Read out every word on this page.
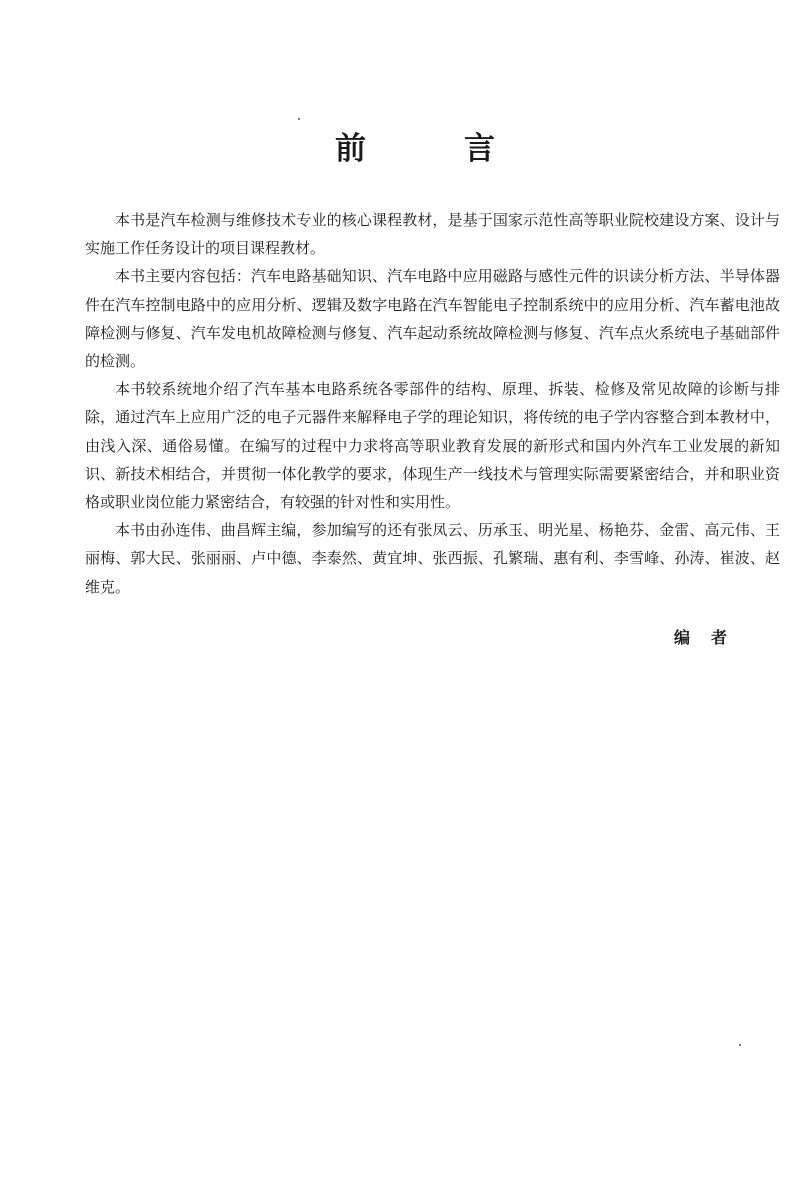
前言

本书是汽车检测与维修技术专业的核心课程教材，是基于国家示范性高等职业院校建设方案、设计与实施工作任务设计的项目课程教材。

本书主要内容包括：汽车电路基础知识、汽车电路中应用磁路与感性元件的识读分析方法、半导体器件在汽车控制电路中的应用分析、逻辑及数字电路在汽车智能电子控制系统中的应用分析、汽车蓄电池故障检测与修复、汽车发电机故障检测与修复、汽车起动系统故障检测与修复、汽车点火系统电子基础部件的检测。

本书较系统地介绍了汽车基本电路系统各零部件的结构、原理、拆装、检修及常见故障的诊断与排除，通过汽车上应用广泛的电子元器件来解释电子学的理论知识，将传统的电子学内容整合到本教材中，由浅入深、通俗易懂。在编写的过程中力求将高等职业教育发展的新形式和国内外汽车工业发展的新知识、新技术相结合，并贯彻一体化教学的要求，体现生产一线技术与管理实际需要紧密结合，并和职业资格或职业岗位能力紧密结合，有较强的针对性和实用性。

本书由孙连伟、曲昌辉主编，参加编写的还有张凤云、历承玉、明光星、杨艳芬、金雷、高元伟、王丽梅、郭大民、张丽丽、卢中德、李泰然、黄宜坤、张西振、孔繁瑞、惠有利、李雪峰、孙涛、崔波、赵维克。

编者
